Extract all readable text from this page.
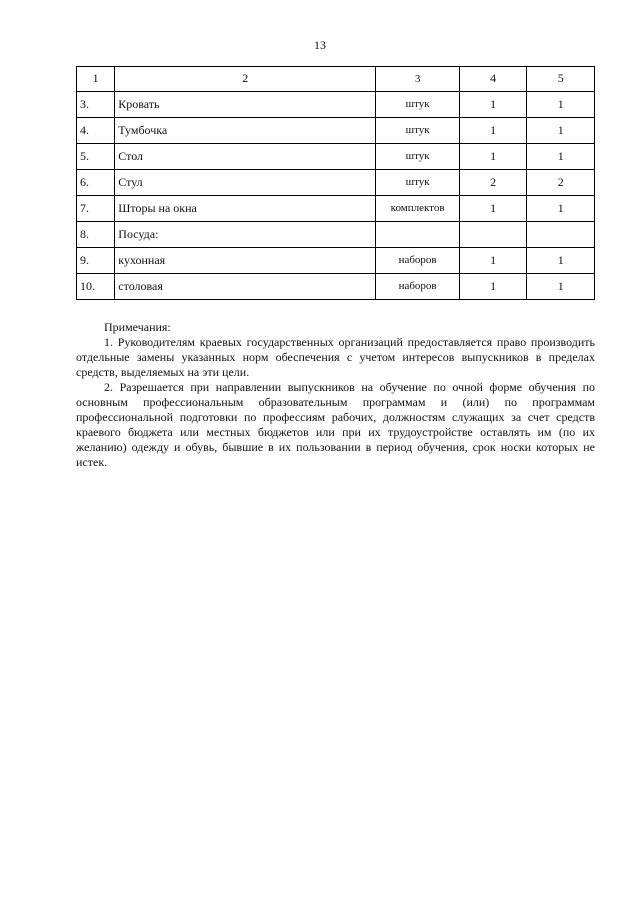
13
1	2	3	4	5
3.	Кровать	штук	1	1
4.	Тумбочка	штук	1	1
5.	Стол	штук	1	1
6.	Стул	штук	2	2
7.	Шторы на окна	комплектов	1	1
8.	Посуда:			
9.	кухонная	наборов	1	1
10.	столовая	наборов	1	1

Примечания:

1. Руководителям краевых государственных организаций предоставляется право производить отдельные замены указанных норм обеспечения с учетом интересов выпускников в пределах средств, выделяемых на эти цели.

2. Разрешается при направлении выпускников на обучение по очной форме обучения по основным профессиональным образовательным программам и (или) по программам профессиональной подготовки по профессиям рабочих, должностям служащих за счет средств краевого бюджета или местных бюджетов или при их трудоустройстве оставлять им (по их желанию) одежду и обувь, бывшие в их пользовании в период обучения, срок носки которых не истек.
